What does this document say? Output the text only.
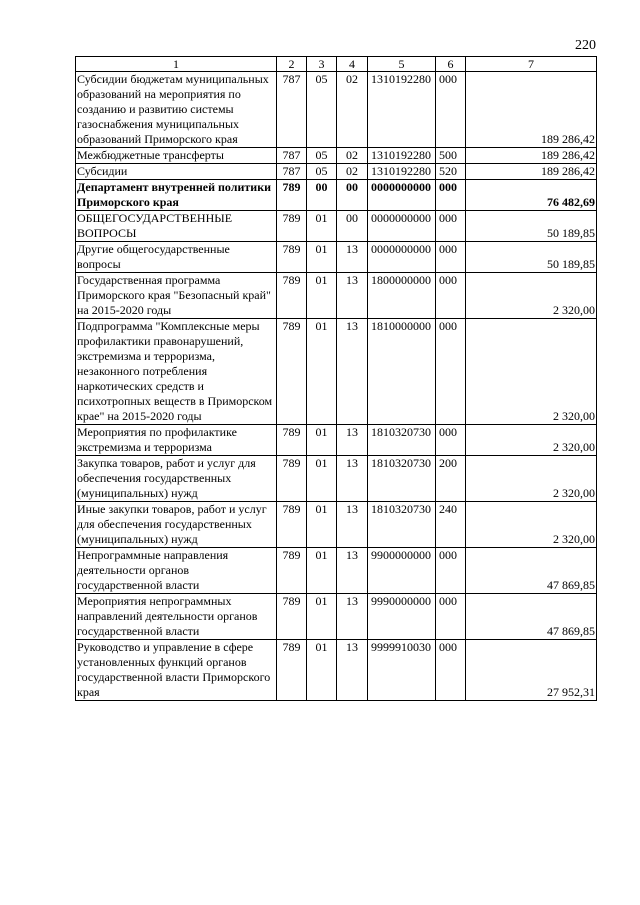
220
1	2	3	4	5	6	7
Субсидии бюджетам муниципальных образований на мероприятия по созданию и развитию системы газоснабжения муниципальных образований Приморского края	787	05	02	1310192280	000	189 286,42
Межбюджетные трансферты	787	05	02	1310192280	500	189 286,42
Субсидии	787	05	02	1310192280	520	189 286,42
Департамент внутренней политики Приморского края	789	00	00	0000000000	000	76 482,69
ОБЩЕГОСУДАРСТВЕННЫЕ ВОПРОСЫ	789	01	00	0000000000	000	50 189,85
Другие общегосударственные вопросы	789	01	13	0000000000	000	50 189,85
Государственная программа Приморского края "Безопасный край" на 2015-2020 годы	789	01	13	1800000000	000	2 320,00
Подпрограмма "Комплексные меры профилактики правонарушений, экстремизма и терроризма, незаконного потребления наркотических средств и психотропных веществ в Приморском крае" на 2015-2020 годы	789	01	13	1810000000	000	2 320,00
Мероприятия по профилактике экстремизма и терроризма	789	01	13	1810320730	000	2 320,00
Закупка товаров, работ и услуг для обеспечения государственных (муниципальных) нужд	789	01	13	1810320730	200	2 320,00
Иные закупки товаров, работ и услуг для обеспечения государственных (муниципальных) нужд	789	01	13	1810320730	240	2 320,00
Непрограммные направления деятельности органов государственной власти	789	01	13	9900000000	000	47 869,85
Мероприятия непрограммных направлений деятельности органов государственной власти	789	01	13	9990000000	000	47 869,85
Руководство и управление в сфере установленных функций органов государственной власти Приморского края	789	01	13	9999910030	000	27 952,31
